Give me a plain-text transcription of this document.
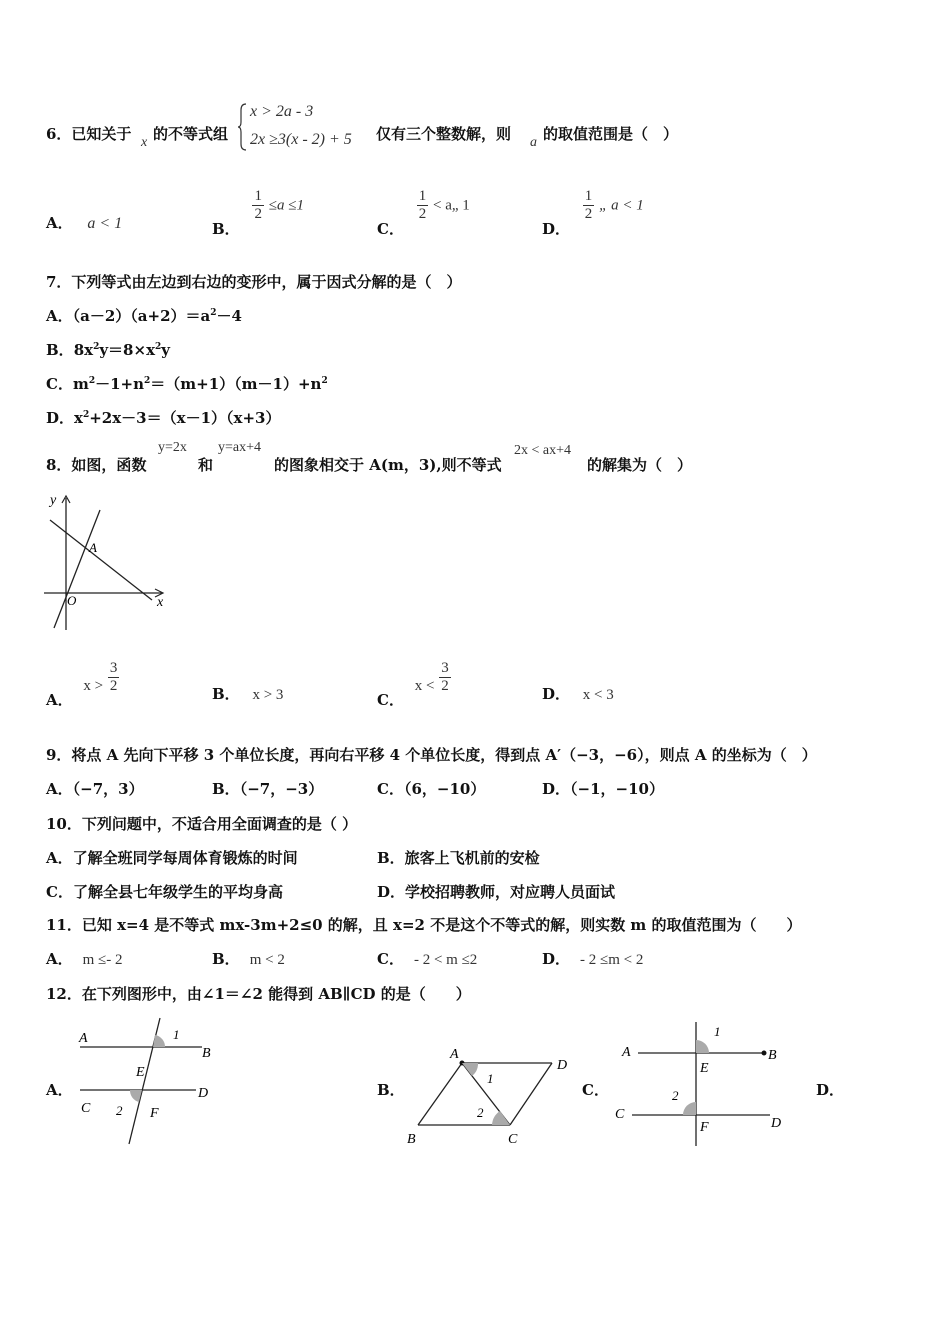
6．已知关于 x 的不等式组
x > 2a - 3
2x ≥3(x - 2) + 5 仅有三个整数解，则 a 的取值范围是（　）
A． a < 1	B．
$\frac{1}{2} \le a \le 1$
C．
$\frac{1}{2}$ < a„ 1
D．
$\frac{1}{2}$ „ a < 1
7．下列等式由左边到右边的变形中，属于因式分解的是（　）
A．$(a-2)(a+2)=a^2-4$
B．$8x^2y=8\times x^2y$
C．$m^2-1+n^2=(m+1)(m-1)+n^2$
D．$x^2+2x-3=(x-1)(x+3)$
8．如图，函数
y=2x
和
y=ax+4
的图象相交于 A(m，3),则不等式
2x < ax+4
的解集为（　）
y
x
O
A
A． $x > \frac{3}{2}$	B． x > 3	C． $x < \frac{3}{2}$	D． x < 3
9．将点 A 先向下平移 3 个单位长度，再向右平移 4 个单位长度，得到点 A′（−3，−6），则点 A 的坐标为（　）
A．（−7，3）	B．（−7，−3）	C．（6，−10）	D．（−1，−10）
10．下列问题中，不适合用全面调查的是（ ）
A．了解全班同学每周体育锻炼的时间	B．旅客上飞机前的安检
C．了解全县七年级学生的平均身高	D．学校招聘教师，对应聘人员面试
11．已知 x=4 是不等式 mx-3m+2≤0 的解，且 x=2 不是这个不等式的解，则实数 m 的取值范围为（　　）
A． m ≤- 2	B． m < 2	C． - 2 < m ≤2	D． - 2 ≤m < 2
12．在下列图形中，由∠1＝∠2 能得到 AB∥CD 的是（　　）
A．
A
B
C
D
E
F
1
2
B．
A
D
B	C
1
2
C．
A	B
C
D
E
F
1
2	D．
